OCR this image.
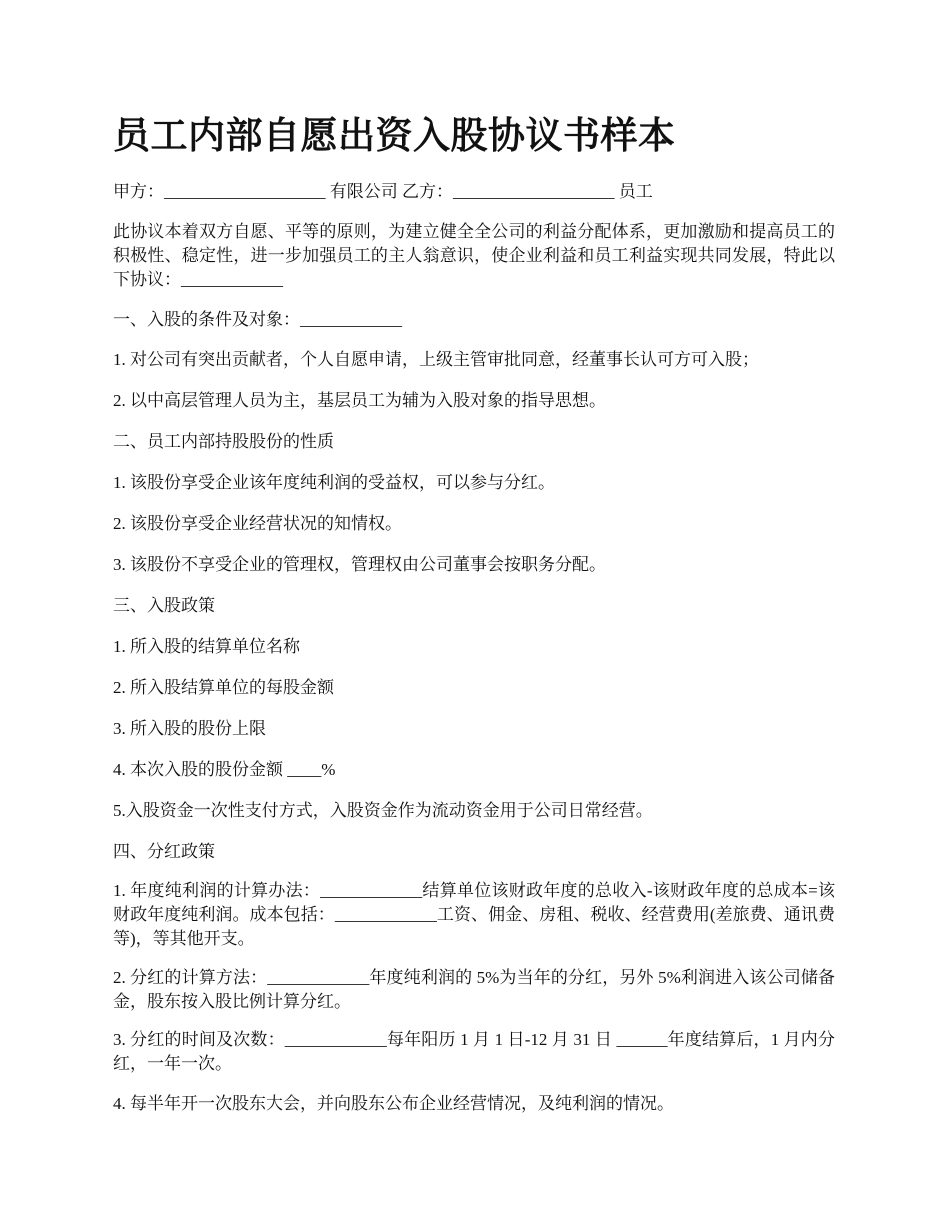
员工内部自愿出资入股协议书样本

甲方：___________________ 有限公司 乙方：___________________ 员工

此协议本着双方自愿、平等的原则，为建立健全全公司的利益分配体系，更加激励和提高员工的积极性、稳定性，进一步加强员工的主人翁意识，使企业利益和员工利益实现共同发展，特此以下协议：____________

一、入股的条件及对象：____________

1. 对公司有突出贡献者，个人自愿申请，上级主管审批同意，经董事长认可方可入股；

2. 以中高层管理人员为主，基层员工为辅为入股对象的指导思想。

二、员工内部持股股份的性质

1. 该股份享受企业该年度纯利润的受益权，可以参与分红。

2. 该股份享受企业经营状况的知情权。

3. 该股份不享受企业的管理权，管理权由公司董事会按职务分配。

三、入股政策

1. 所入股的结算单位名称

2. 所入股结算单位的每股金额

3. 所入股的股份上限

4. 本次入股的股份金额 ____%

5.入股资金一次性支付方式，入股资金作为流动资金用于公司日常经营。

四、分红政策

1. 年度纯利润的计算办法：____________结算单位该财政年度的总收入-该财政年度的总成本=该财政年度纯利润。成本包括：____________工资、佣金、房租、税收、经营费用(差旅费、通讯费等)，等其他开支。

2. 分红的计算方法：____________年度纯利润的 5%为当年的分红，另外 5%利润进入该公司储备金，股东按入股比例计算分红。

3. 分红的时间及次数：____________每年阳历 1 月 1 日-12 月 31 日 ______年度结算后，1 月内分红，一年一次。

4. 每半年开一次股东大会，并向股东公布企业经营情况，及纯利润的情况。
